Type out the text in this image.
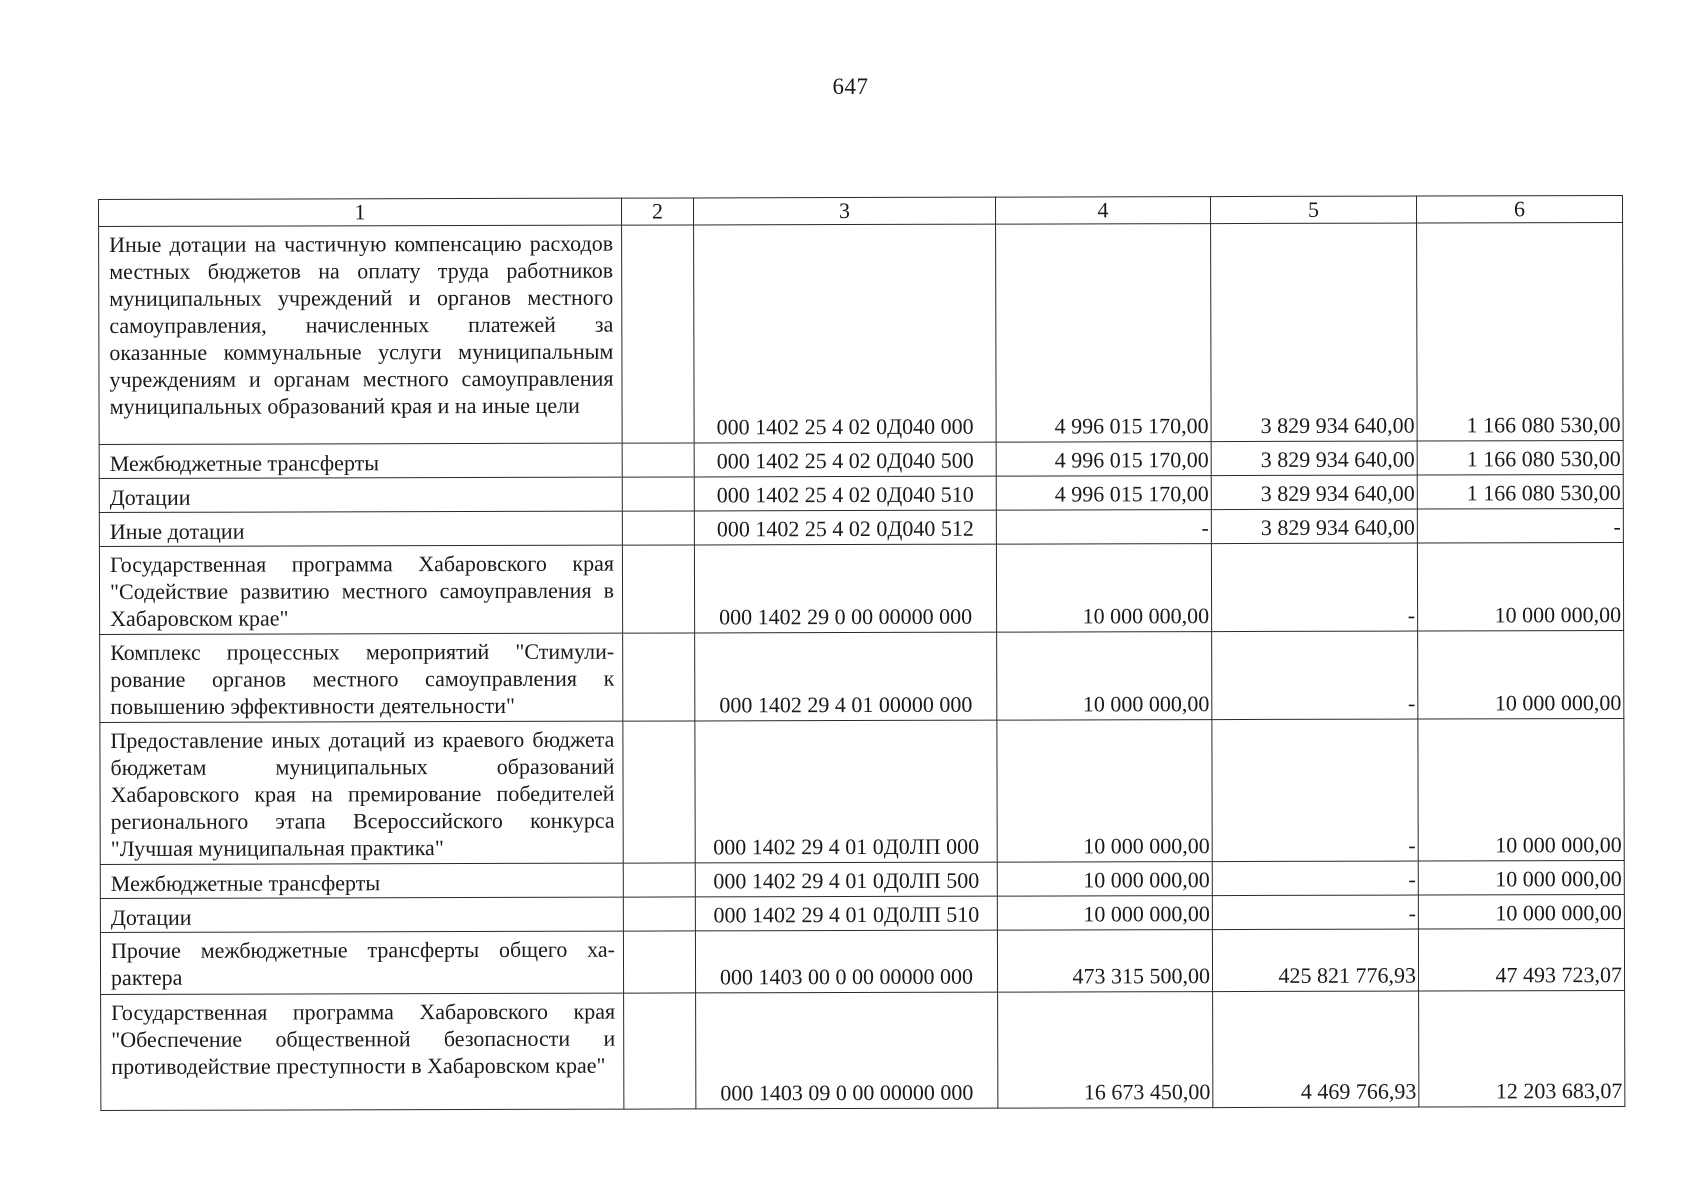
647
1	2	3	4	5	6
Иные дотации на частичную компенсацию расходов местных бюджетов на оплату труда работников муниципальных учреждений и органов местного самоуправления, начисленных платежей за оказанные коммунальные услуги муниципальным учреждениям и органам местного самоуправления муниципальных образований края и на иные цели		000 1402 25 4 02 0Д040 000	4 996 015 170,00	3 829 934 640,00	1 166 080 530,00
Межбюджетные трансферты		000 1402 25 4 02 0Д040 500	4 996 015 170,00	3 829 934 640,00	1 166 080 530,00
Дотации		000 1402 25 4 02 0Д040 510	4 996 015 170,00	3 829 934 640,00	1 166 080 530,00
Иные дотации		000 1402 25 4 02 0Д040 512	-	3 829 934 640,00	-
Государственная программа Хабаровского края "Содействие развитию местного самоуправления в Хабаровском крае"		000 1402 29 0 00 00000 000	10 000 000,00	-	10 000 000,00
Комплекс процессных мероприятий "Стимулирование органов местного самоуправления к повышению эффективности деятельности"		000 1402 29 4 01 00000 000	10 000 000,00	-	10 000 000,00
Предоставление иных дотаций из краевого бюджета бюджетам муниципальных образований Хабаровского края на премирование победителей регионального этапа Всероссийского конкурса "Лучшая муниципальная практика"		000 1402 29 4 01 0Д0ЛП 000	10 000 000,00	-	10 000 000,00
Межбюджетные трансферты		000 1402 29 4 01 0Д0ЛП 500	10 000 000,00	-	10 000 000,00
Дотации		000 1402 29 4 01 0Д0ЛП 510	10 000 000,00	-	10 000 000,00
Прочие межбюджетные трансферты общего характера		000 1403 00 0 00 00000 000	473 315 500,00	425 821 776,93	47 493 723,07
Государственная программа Хабаровского края "Обеспечение общественной безопасности и противодействие преступности в Хабаровском крае"		000 1403 09 0 00 00000 000	16 673 450,00	4 469 766,93	12 203 683,07
